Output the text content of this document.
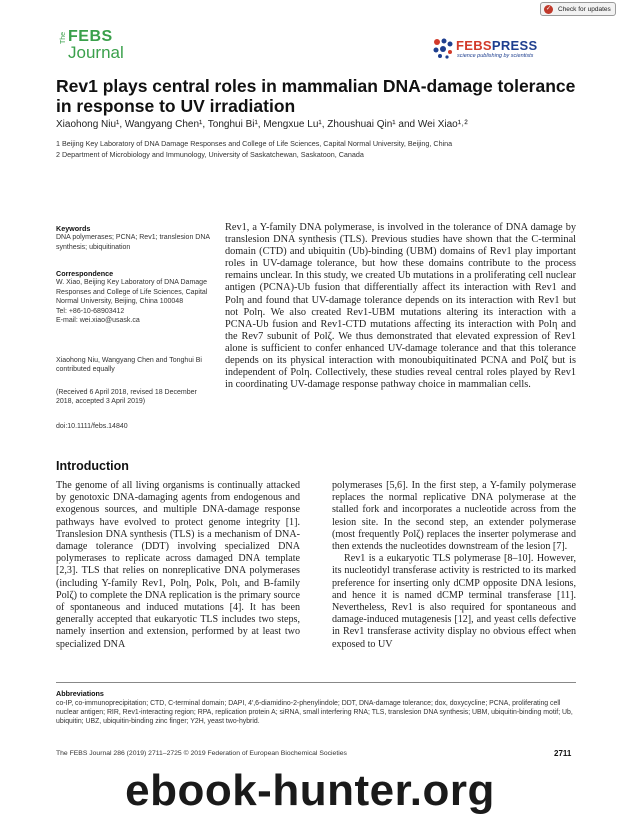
✓	Check for updates
The FEBS
Journal	FEBSPRESS
science publishing by scientists
Rev1 plays central roles in mammalian DNA-damage tolerance in response to UV irradiation
Xiaohong Niu¹, Wangyang Chen¹, Tonghui Bi¹, Mengxue Lu¹, Zhoushuai Qin¹ and Wei Xiao¹˒²
1 Beijing Key Laboratory of DNA Damage Responses and College of Life Sciences, Capital Normal University, Beijing, China
2 Department of Microbiology and Immunology, University of Saskatchewan, Saskatoon, Canada
Keywords
DNA polymerases; PCNA; Rev1; translesion DNA synthesis; ubiquitination
Correspondence
W. Xiao, Beijing Key Laboratory of DNA Damage Responses and College of Life Sciences, Capital Normal University, Beijing, China 100048
Tel: +86-10-68903412
E-mail: wei.xiao@usask.ca
Xiaohong Niu, Wangyang Chen and Tonghui Bi contributed equally
(Received 6 April 2018, revised 18 December 2018, accepted 3 April 2019)
doi:10.1111/febs.14840
Rev1, a Y-family DNA polymerase, is involved in the tolerance of DNA damage by translesion DNA synthesis (TLS). Previous studies have shown that the C-terminal domain (CTD) and ubiquitin (Ub)-binding (UBM) domains of Rev1 play important roles in UV-damage tolerance, but how these domains contribute to the process remains unclear. In this study, we created Ub mutations in a proliferating cell nuclear antigen (PCNA)-Ub fusion that differentially affect its interaction with Rev1 and Polη and found that UV-damage tolerance depends on its interaction with Rev1 but not Polη. We also created Rev1-UBM mutations altering its interaction with a PCNA-Ub fusion and Rev1-CTD mutations affecting its interaction with Polη and the Rev7 subunit of Polζ. We thus demonstrated that elevated expression of Rev1 alone is sufficient to confer enhanced UV-damage tolerance and that this tolerance depends on its physical interaction with monoubiquitinated PCNA and Polζ but is independent of Polη. Collectively, these studies reveal central roles played by Rev1 in coordinating UV-damage response pathway choice in mammalian cells.
Introduction

The genome of all living organisms is continually attacked by genotoxic DNA-damaging agents from endogenous and exogenous sources, and multiple DNA-damage response pathways have evolved to protect genome integrity [1]. Translesion DNA synthesis (TLS) is a mechanism of DNA-damage tolerance (DDT) involving specialized DNA polymerases to replicate across damaged DNA template [2,3]. TLS that relies on nonreplicative DNA polymerases (including Y-family Rev1, Polη, Polκ, Polι, and B-family Polζ) to complete the DNA replication is the primary source of spontaneous and induced mutations [4]. It has been generally accepted that eukaryotic TLS includes two steps, namely insertion and extension, performed by at least two specialized DNA

polymerases [5,6]. In the first step, a Y-family polymerase replaces the normal replicative DNA polymerase at the stalled fork and incorporates a nucleotide across from the lesion site. In the second step, an extender polymerase (most frequently Polζ) replaces the inserter polymerase and then extends the nucleotides downstream of the lesion [7].

Rev1 is a eukaryotic TLS polymerase [8–10]. However, its nucleotidyl transferase activity is restricted to its marked preference for inserting only dCMP opposite DNA lesions, and hence it is named dCMP terminal transferase [11]. Nevertheless, Rev1 is also required for spontaneous and damage-induced mutagenesis [12], and yeast cells defective in Rev1 transferase activity display no obvious effect when exposed to UV

Abbreviations
co-IP, co-immunoprecipitation; CTD, C-terminal domain; DAPI, 4′,6-diamidino-2-phenylindole; DDT, DNA-damage tolerance; dox, doxycycline; PCNA, proliferating cell nuclear antigen; RIR, Rev1-interacting region; RPA, replication protein A; siRNA, small interfering RNA; TLS, translesion DNA synthesis; UBM, ubiquitin-binding motif; Ub, ubiquitin; UBZ, ubiquitin-binding zinc finger; Y2H, yeast two-hybrid.
The FEBS Journal 286 (2019) 2711–2725 © 2019 Federation of European Biochemical Societies	2711
ebook-hunter.org
